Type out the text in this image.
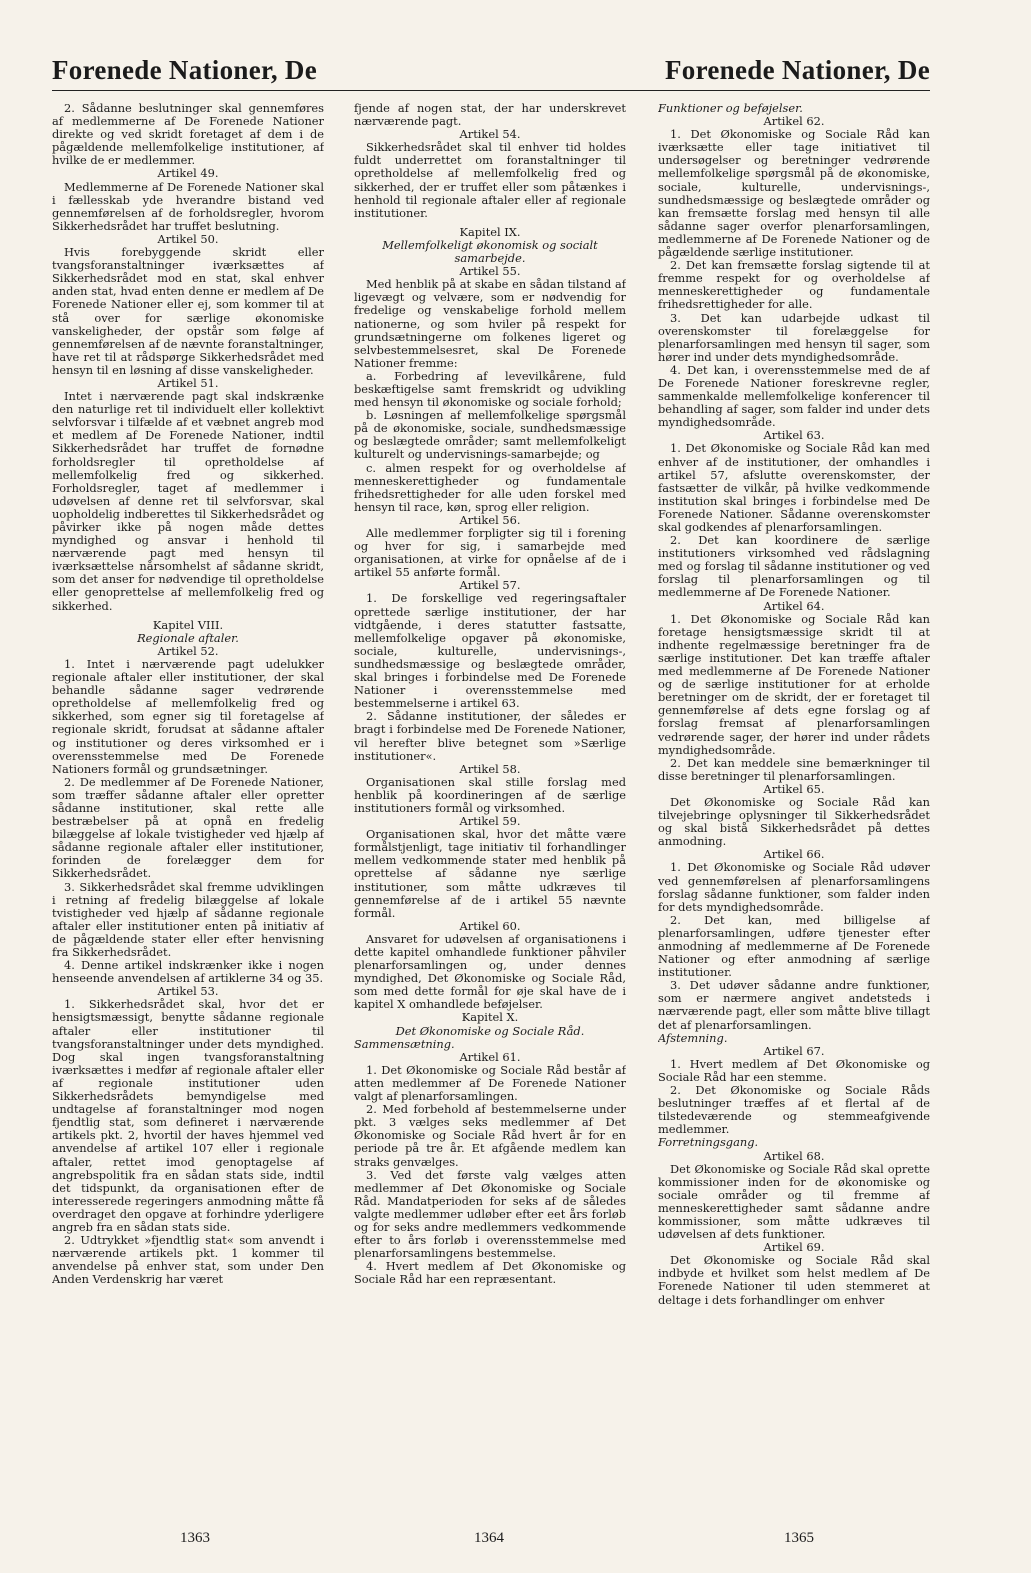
Forenede Nationer, De	Forenede Nationer, De

2. Sådanne beslutninger skal gennemføres af medlemmerne af De Forenede Nationer direkte og ved skridt foretaget af dem i de pågældende mellemfolkelige institutioner, af hvilke de er medlemmer.

Artikel 49.

Medlemmerne af De Forenede Nationer skal i fællesskab yde hverandre bistand ved gennemførelsen af de forholdsregler, hvorom Sikkerhedsrådet har truffet beslutning.

Artikel 50.

Hvis forebyggende skridt eller tvangsforanstaltninger iværksættes af Sikkerhedsrådet mod en stat, skal enhver anden stat, hvad enten denne er medlem af De Forenede Nationer eller ej, som kommer til at stå over for særlige økonomiske vanskeligheder, der opstår som følge af gennemførelsen af de nævnte foranstaltninger, have ret til at rådspørge Sikkerhedsrådet med hensyn til en løsning af disse vanskeligheder.

Artikel 51.

Intet i nærværende pagt skal indskrænke den naturlige ret til individuelt eller kollektivt selvforsvar i tilfælde af et væbnet angreb mod et medlem af De Forenede Nationer, indtil Sikkerhedsrådet har truffet de fornødne forholdsregler til opretholdelse af mellemfolkelig fred og sikkerhed. Forholdsregler, taget af medlemmer i udøvelsen af denne ret til selvforsvar, skal uopholdelig indberettes til Sikkerhedsrådet og påvirker ikke på nogen måde dettes myndighed og ansvar i henhold til nærværende pagt med hensyn til iværksættelse nårsomhelst af sådanne skridt, som det anser for nødvendige til opretholdelse eller genoprettelse af mellemfolkelig fred og sikkerhed.

Kapitel VIII.

Regionale aftaler.

Artikel 52.

1. Intet i nærværende pagt udelukker regionale aftaler eller institutioner, der skal behandle sådanne sager vedrørende opretholdelse af mellemfolkelig fred og sikkerhed, som egner sig til foretagelse af regionale skridt, forudsat at sådanne aftaler og institutioner og deres virksomhed er i overensstemmelse med De Forenede Nationers formål og grundsætninger.

2. De medlemmer af De Forenede Nationer, som træffer sådanne aftaler eller opretter sådanne institutioner, skal rette alle bestræbelser på at opnå en fredelig bilæggelse af lokale tvistigheder ved hjælp af sådanne regionale aftaler eller institutioner, forinden de forelægger dem for Sikkerhedsrådet.

3. Sikkerhedsrådet skal fremme udviklingen i retning af fredelig bilæggelse af lokale tvistigheder ved hjælp af sådanne regionale aftaler eller institutioner enten på initiativ af de pågældende stater eller efter henvisning fra Sikkerhedsrådet.

4. Denne artikel indskrænker ikke i nogen henseende anvendelsen af artiklerne 34 og 35.

Artikel 53.

1. Sikkerhedsrådet skal, hvor det er hensigtsmæssigt, benytte sådanne regionale aftaler eller institutioner til tvangsforanstaltninger under dets myndighed. Dog skal ingen tvangsforanstaltning iværksættes i medfør af regionale aftaler eller af regionale institutioner uden Sikkerhedsrådets bemyndigelse med undtagelse af foranstaltninger mod nogen fjendtlig stat, som defineret i nærværende artikels pkt. 2, hvortil der haves hjemmel ved anvendelse af artikel 107 eller i regionale aftaler, rettet imod genoptagelse af angrebspolitik fra en sådan stats side, indtil det tidspunkt, da organisationen efter de interesserede regeringers anmodning måtte få overdraget den opgave at forhindre yderligere angreb fra en sådan stats side.

2. Udtrykket »fjendtlig stat« som anvendt i nærværende artikels pkt. 1 kommer til anvendelse på enhver stat, som under Den Anden Verdenskrig har været

fjende af nogen stat, der har underskrevet nærværende pagt.

Artikel 54.

Sikkerhedsrådet skal til enhver tid holdes fuldt underrettet om foranstaltninger til opretholdelse af mellemfolkelig fred og sikkerhed, der er truffet eller som påtænkes i henhold til regionale aftaler eller af regionale institutioner.

Kapitel IX.

Mellemfolkeligt økonomisk og socialt samarbejde.

Artikel 55.

Med henblik på at skabe en sådan tilstand af ligevægt og velvære, som er nødvendig for fredelige og venskabelige forhold mellem nationerne, og som hviler på respekt for grundsætningerne om folkenes ligeret og selvbestemmelsesret, skal De Forenede Nationer fremme:

a. Forbedring af levevilkårene, fuld beskæftigelse samt fremskridt og udvikling med hensyn til økonomiske og sociale forhold;

b. Løsningen af mellemfolkelige spørgsmål på de økonomiske, sociale, sundhedsmæssige og beslægtede områder; samt mellemfolkeligt kulturelt og undervisnings-samarbejde; og

c. almen respekt for og overholdelse af menneskerettigheder og fundamentale frihedsrettigheder for alle uden forskel med hensyn til race, køn, sprog eller religion.

Artikel 56.

Alle medlemmer forpligter sig til i forening og hver for sig, i samarbejde med organisationen, at virke for opnåelse af de i artikel 55 anførte formål.

Artikel 57.

1. De forskellige ved regeringsaftaler oprettede særlige institutioner, der har vidtgående, i deres statutter fastsatte, mellemfolkelige opgaver på økonomiske, sociale, kulturelle, undervisnings-, sundhedsmæssige og beslægtede områder, skal bringes i forbindelse med De Forenede Nationer i overensstemmelse med bestemmelserne i artikel 63.

2. Sådanne institutioner, der således er bragt i forbindelse med De Forenede Nationer, vil herefter blive betegnet som »Særlige institutioner«.

Artikel 58.

Organisationen skal stille forslag med henblik på koordineringen af de særlige institutioners formål og virksomhed.

Artikel 59.

Organisationen skal, hvor det måtte være formålstjenligt, tage initiativ til forhandlinger mellem vedkommende stater med henblik på oprettelse af sådanne nye særlige institutioner, som måtte udkræves til gennemførelse af de i artikel 55 nævnte formål.

Artikel 60.

Ansvaret for udøvelsen af organisationens i dette kapitel omhandlede funktioner påhviler plenarforsamlingen og, under dennes myndighed, Det Økonomiske og Sociale Råd, som med dette formål for øje skal have de i kapitel X omhandlede beføjelser.

Kapitel X.

Det Økonomiske og Sociale Råd.

Sammensætning.

Artikel 61.

1. Det Økonomiske og Sociale Råd består af atten medlemmer af De Forenede Nationer valgt af plenarforsamlingen.

2. Med forbehold af bestemmelserne under pkt. 3 vælges seks medlemmer af Det Økonomiske og Sociale Råd hvert år for en periode på tre år. Et afgående medlem kan straks genvælges.

3. Ved det første valg vælges atten medlemmer af Det Økonomiske og Sociale Råd. Mandatperioden for seks af de således valgte medlemmer udløber efter eet års forløb og for seks andre medlemmers vedkommende efter to års forløb i overensstemmelse med plenarforsamlingens bestemmelse.

4. Hvert medlem af Det Økonomiske og Sociale Råd har een repræsentant.

Funktioner og beføjelser.

Artikel 62.

1. Det Økonomiske og Sociale Råd kan iværksætte eller tage initiativet til undersøgelser og beretninger vedrørende mellemfolkelige spørgsmål på de økonomiske, sociale, kulturelle, undervisnings-, sundhedsmæssige og beslægtede områder og kan fremsætte forslag med hensyn til alle sådanne sager overfor plenarforsamlingen, medlemmerne af De Forenede Nationer og de pågældende særlige institutioner.

2. Det kan fremsætte forslag sigtende til at fremme respekt for og overholdelse af menneskerettigheder og fundamentale frihedsrettigheder for alle.

3. Det kan udarbejde udkast til overenskomster til forelæggelse for plenarforsamlingen med hensyn til sager, som hører ind under dets myndighedsområde.

4. Det kan, i overensstemmelse med de af De Forenede Nationer foreskrevne regler, sammenkalde mellemfolkelige konferencer til behandling af sager, som falder ind under dets myndighedsområde.

Artikel 63.

1. Det Økonomiske og Sociale Råd kan med enhver af de institutioner, der omhandles i artikel 57, afslutte overenskomster, der fastsætter de vilkår, på hvilke vedkommende institution skal bringes i forbindelse med De Forenede Nationer. Sådanne overenskomster skal godkendes af plenarforsamlingen.

2. Det kan koordinere de særlige institutioners virksomhed ved rådslagning med og forslag til sådanne institutioner og ved forslag til plenarforsamlingen og til medlemmerne af De Forenede Nationer.

Artikel 64.

1. Det Økonomiske og Sociale Råd kan foretage hensigtsmæssige skridt til at indhente regelmæssige beretninger fra de særlige institutioner. Det kan træffe aftaler med medlemmerne af De Forenede Nationer og de særlige institutioner for at erholde beretninger om de skridt, der er foretaget til gennemførelse af dets egne forslag og af forslag fremsat af plenarforsamlingen vedrørende sager, der hører ind under rådets myndighedsområde.

2. Det kan meddele sine bemærkninger til disse beretninger til plenarforsamlingen.

Artikel 65.

Det Økonomiske og Sociale Råd kan tilvejebringe oplysninger til Sikkerhedsrådet og skal bistå Sikkerhedsrådet på dettes anmodning.

Artikel 66.

1. Det Økonomiske og Sociale Råd udøver ved gennemførelsen af plenarforsamlingens forslag sådanne funktioner, som falder inden for dets myndighedsområde.

2. Det kan, med billigelse af plenarforsamlingen, udføre tjenester efter anmodning af medlemmerne af De Forenede Nationer og efter anmodning af særlige institutioner.

3. Det udøver sådanne andre funktioner, som er nærmere angivet andetsteds i nærværende pagt, eller som måtte blive tillagt det af plenarforsamlingen.

Afstemning.

Artikel 67.

1. Hvert medlem af Det Økonomiske og Sociale Råd har een stemme.

2. Det Økonomiske og Sociale Råds beslutninger træffes af et flertal af de tilstedeværende og stemmeafgivende medlemmer.

Forretningsgang.

Artikel 68.

Det Økonomiske og Sociale Råd skal oprette kommissioner inden for de økonomiske og sociale områder og til fremme af menneskerettigheder samt sådanne andre kommissioner, som måtte udkræves til udøvelsen af dets funktioner.

Artikel 69.

Det Økonomiske og Sociale Råd skal indbyde et hvilket som helst medlem af De Forenede Nationer til uden stemmeret at deltage i dets forhandlinger om enhver

1363	1364	1365
